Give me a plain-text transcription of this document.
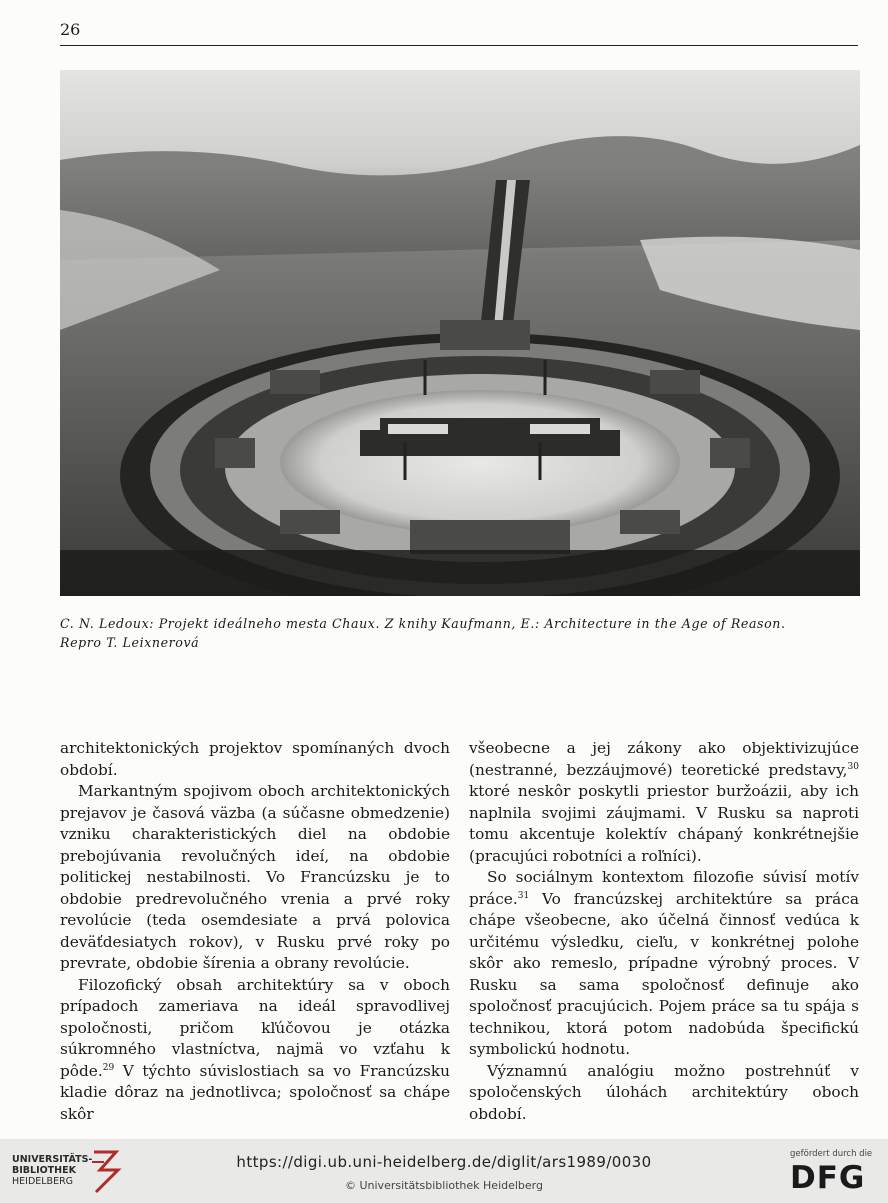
26
C. N. Ledoux: Projekt ideálneho mesta Chaux. Z knihy Kaufmann, E.: Architecture in the Age of Reason.
Repro T. Leixnerová

architektonických projektov spomínaných dvoch období.

Markantným spojivom oboch architektonických prejavov je časová väzba (a súčasne obmedzenie) vzniku charakteristických diel na obdobie prebojúvania revolučných ideí, na obdobie politickej nestabilnosti. Vo Francúzsku je to obdobie predrevolučného vrenia a prvé roky revolúcie (teda osemdesiate a prvá polovica deväťdesiatych rokov), v Rusku prvé roky po prevrate, obdobie šírenia a obrany revolúcie.

Filozofický obsah architektúry sa v oboch prípadoch zameriava na ideál spravodlivej spoločnosti, pričom kľúčovou je otázka súkromného vlastníctva, najmä vo vzťahu k pôde.$^{29}$ V týchto súvislostiach sa vo Francúzsku kladie dôraz na jednotlivca; spoločnosť sa chápe skôr

všeobecne a jej zákony ako objektivizujúce (nestranné, bezzáujmové) teoretické predstavy,$^{30}$ ktoré neskôr poskytli priestor buržoázii, aby ich naplnila svojimi záujmami. V Rusku sa naproti tomu akcentuje kolektív chápaný konkrétnejšie (pracujúci robotníci a roľníci).

So sociálnym kontextom filozofie súvisí motív práce.$^{31}$ Vo francúzskej architektúre sa práca chápe všeobecne, ako účelná činnosť vedúca k určitému výsledku, cieľu, v konkrétnej polohe skôr ako remeslo, prípadne výrobný proces. V Rusku sa sama spoločnosť definuje ako spoločnosť pracujúcich. Pojem práce sa tu spája s technikou, ktorá potom nadobúda špecifickú symbolickú hodnotu.

Významnú analógiu možno postrehnúť v spoločenských úlohách architektúry oboch období.

UNIVERSITÄTS-
BIBLIOTHEK
HEIDELBERG
https://digi.ub.uni-heidelberg.de/diglit/ars1989/0030
© Universitätsbibliothek Heidelberg
gefördert durch die
DFG
